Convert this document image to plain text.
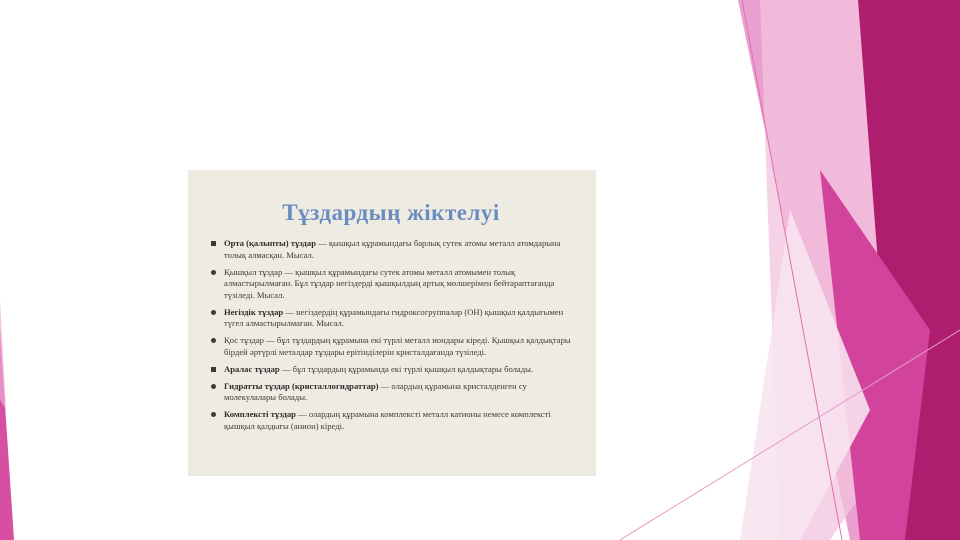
Тұздардың жіктелуі
Орта (қалыпты) тұздар — қышқыл құрамындағы барлық сутек атомы металл атомдарына толық алмасқан. Мысал.
Қышқыл тұздар — қышқыл құрамындағы сутек атомы металл атомымен толық алмастырылмаған. Бұл тұздар негіздерді қышқылдың артық мөлшерімен бейтараптағанда түзіледі. Мысал.
Негіздік тұздар — негіздердің құрамындағы гидроксогруппалар (ОН) қышқыл қалдығымен түгел алмастырылмаған. Мысал.
Қос тұздар — бұл тұздардың құрамына екі түрлі металл иондары кіреді. Қышқыл қалдықтары бірдей әртүрлі металдар тұздары ерітінділерін кристалдағанда түзіледі.
Аралас тұздар — бұл тұздардың құрамында екі түрлі қышқыл қалдықтары болады.
Гидратты тұздар (кристаллогидраттар) — олардың құрамына кристалденген су молекулалары болады.
Комплексті тұздар — олардың құрамына комплексті металл катионы немесе комплексті қышқыл қалдығы (анион) кіреді.
